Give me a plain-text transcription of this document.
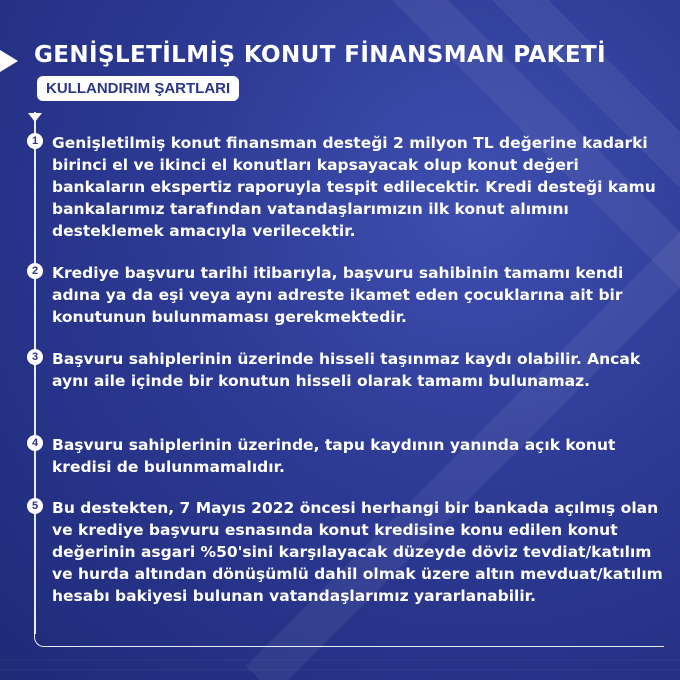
GENİŞLETİLMİŞ KONUT FİNANSMAN PAKETİ
KULLANDIRIM ŞARTLARI
1 Genişletilmiş konut finansman desteği 2 milyon TL değerine kadarki birinci el ve ikinci el konutları kapsayacak olup konut değeri bankaların ekspertiz raporuyla tespit edilecektir. Kredi desteği kamu bankalarımız tarafından vatandaşlarımızın ilk konut alımını desteklemek amacıyla verilecektir.

2 Krediye başvuru tarihi itibarıyla, başvuru sahibinin tamamı kendi adına ya da eşi veya aynı adreste ikamet eden çocuklarına ait bir konutunun bulunmaması gerekmektedir.

3 Başvuru sahiplerinin üzerinde hisseli taşınmaz kaydı olabilir. Ancak aynı aile içinde bir konutun hisseli olarak tamamı bulunamaz.

4 Başvuru sahiplerinin üzerinde, tapu kaydının yanında açık konut kredisi de bulunmamalıdır.

5 Bu destekten, 7 Mayıs 2022 öncesi herhangi bir bankada açılmış olan ve krediye başvuru esnasında konut kredisine konu edilen konut değerinin asgari %50'sini karşılayacak düzeyde döviz tevdiat/katılım ve hurda altından dönüşümlü dahil olmak üzere altın mevduat/katılım hesabı bakiyesi bulunan vatandaşlarımız yararlanabilir.
